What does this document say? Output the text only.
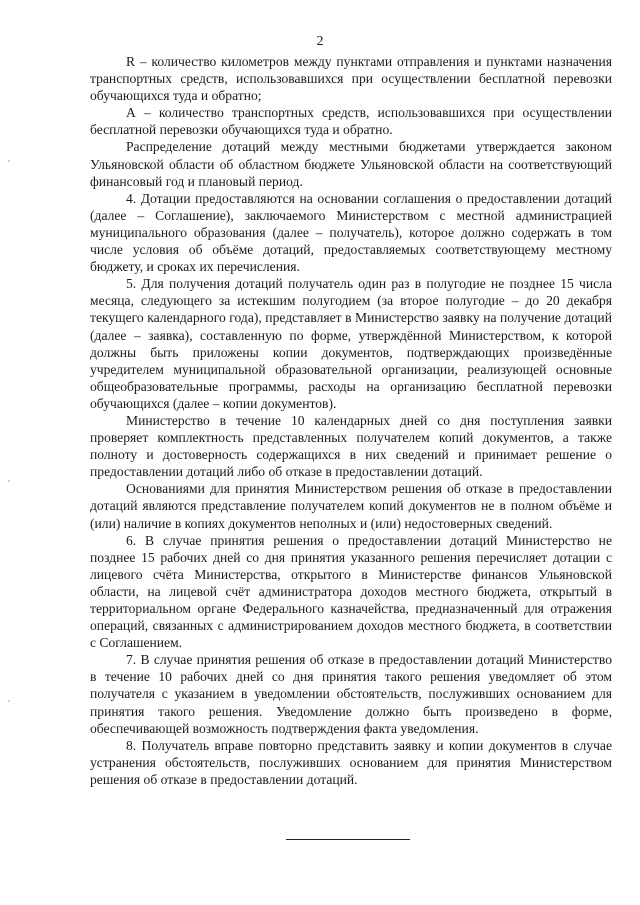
2

R – количество километров между пунктами отправления и пунктами назначения транспортных средств, использовавшихся при осуществлении бесплатной перевозки обучающихся туда и обратно;

А – количество транспортных средств, использовавшихся при осуществлении бесплатной перевозки обучающихся туда и обратно.

Распределение дотаций между местными бюджетами утверждается законом Ульяновской области об областном бюджете Ульяновской области на соответствующий финансовый год и плановый период.

4. Дотации предоставляются на основании соглашения о предоставлении дотаций (далее – Соглашение), заключаемого Министерством с местной администрацией муниципального образования (далее – получатель), которое должно содержать в том числе условия об объёме дотаций, предоставляемых соответствующему местному бюджету, и сроках их перечисления.

5. Для получения дотаций получатель один раз в полугодие не позднее 15 числа месяца, следующего за истекшим полугодием (за второе полугодие – до 20 декабря текущего календарного года), представляет в Министерство заявку на получение дотаций (далее – заявка), составленную по форме, утверждённой Министерством, к которой должны быть приложены копии документов, подтверждающих произведённые учредителем муниципальной образовательной организации, реализующей основные общеобразовательные программы, расходы на организацию бесплатной перевозки обучающихся (далее – копии документов).

Министерство в течение 10 календарных дней со дня поступления заявки проверяет комплектность представленных получателем копий документов, а также полноту и достоверность содержащихся в них сведений и принимает решение о предоставлении дотаций либо об отказе в предоставлении дотаций.

Основаниями для принятия Министерством решения об отказе в предоставлении дотаций являются представление получателем копий документов не в полном объёме и (или) наличие в копиях документов неполных и (или) недостоверных сведений.

6. В случае принятия решения о предоставлении дотаций Министерство не позднее 15 рабочих дней со дня принятия указанного решения перечисляет дотации с лицевого счёта Министерства, открытого в Министерстве финансов Ульяновской области, на лицевой счёт администратора доходов местного бюджета, открытый в территориальном органе Федерального казначейства, предназначенный для отражения операций, связанных с администрированием доходов местного бюджета, в соответствии с Соглашением.

7. В случае принятия решения об отказе в предоставлении дотаций Министерство в течение 10 рабочих дней со дня принятия такого решения уведомляет об этом получателя с указанием в уведомлении обстоятельств, послуживших основанием для принятия такого решения. Уведомление должно быть произведено в форме, обеспечивающей возможность подтверждения факта уведомления.

8. Получатель вправе повторно представить заявку и копии документов в случае устранения обстоятельств, послуживших основанием для принятия Министерством решения об отказе в предоставлении дотаций.
